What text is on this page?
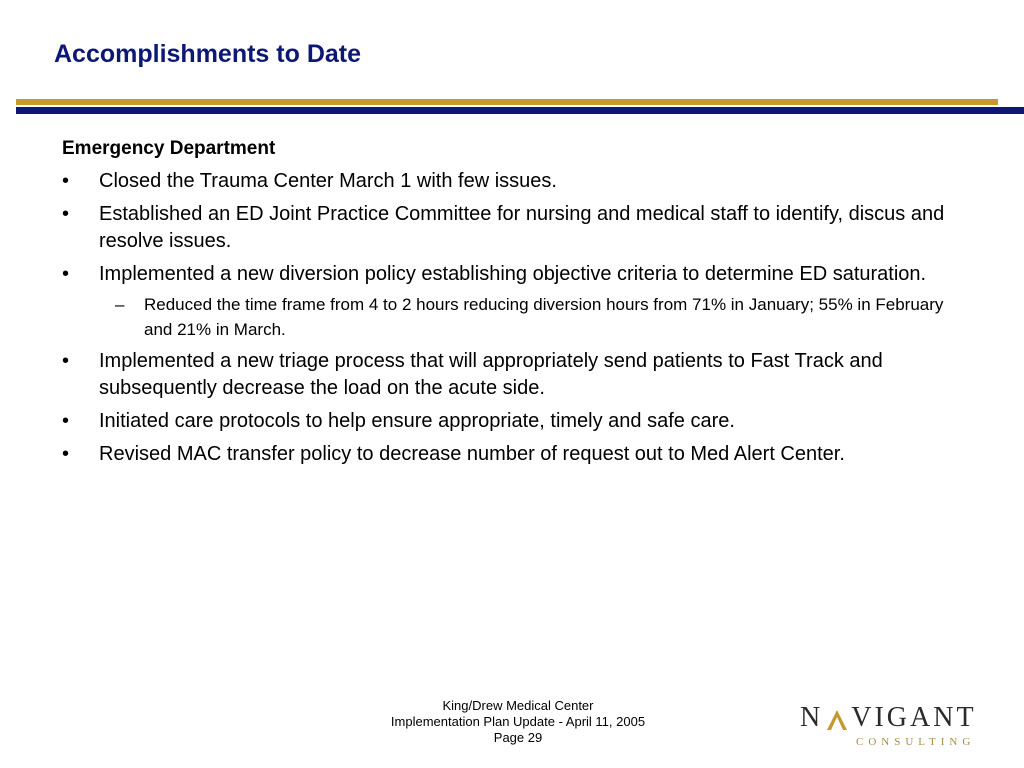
Accomplishments to Date
Emergency Department
•	Closed the Trauma Center March 1 with few issues.
•	Established an ED Joint Practice Committee for nursing and medical staff to identify, discus and resolve issues.
•	Implemented a new diversion policy establishing objective criteria to determine ED saturation.
–	Reduced the time frame from 4 to 2 hours reducing diversion hours from 71% in January; 55% in February and 21% in March.
•	Implemented a new triage process that will appropriately send patients to Fast Track and subsequently decrease the load on the acute side.
•	Initiated care protocols to help ensure appropriate, timely and safe care.
•	Revised MAC transfer policy to decrease number of request out to Med Alert Center.
King/Drew Medical Center
Implementation Plan Update - April 11, 2005
Page 29
N VIGANT
CONSULTING
